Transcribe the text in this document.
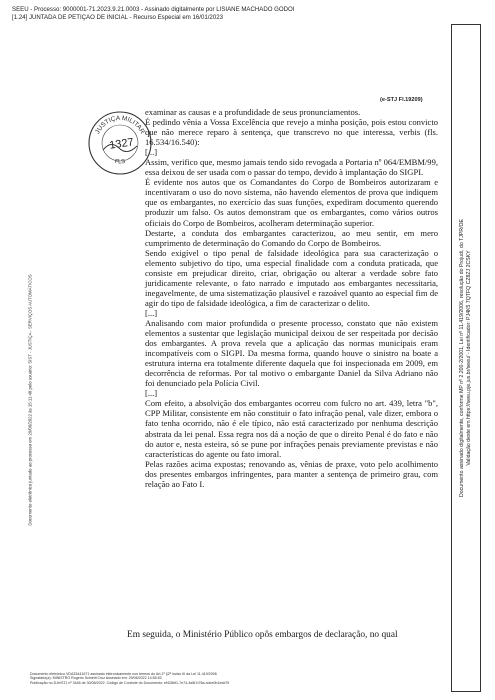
SEEU - Processo: 9000001-71.2023.9.21.0003 - Assinado digitalmente por LISIANE MACHADO GODOI
[1.24] JUNTADA DE PETIÇÃO DE INICIAL - Recurso Especial em 16/01/2023
(e-STJ Fl.19209)
JUSTIÇA MILITAR
FLS
1327
Documento eletrônico juntado ao processo em 29/06/2022 às 15:11:48 pelo usuário: SIST - JUSTIÇA - SERVIÇOS AUTOMÁTICOS	Documento assinado digitalmente, conforme MP nº 2.200-2/2001, Lei nº 11.419/2006, resolução do Projudi, do TJPR/OE Validação deste em https://seeu.pje.jus.br/seeu/ - Identificador: PJ4K5 7QTFQ CZ8ZJ 2CSKY

examinar as causas e a profundidade de seus pronunciamentos.

É pedindo vênia a Vossa Excelência que revejo a minha posição, pois estou convicto que não merece reparo à sentença, que transcrevo no que interessa, verbis (fls. 16.534/16.540):

[...]

Assim, verifico que, mesmo jamais tendo sido revogada a Portaria nº 064/EMBM/99, essa deixou de ser usada com o passar do tempo, devido à implantação do SIGPI.

É evidente nos autos que os Comandantes do Corpo de Bombeiros autorizaram e incentivaram o uso do novo sistema, não havendo elementos de prova que indiquem que os embargantes, no exercício das suas funções, expediram documento querendo produzir um falso. Os autos demonstram que os embargantes, como vários outros oficiais do Corpo de Bombeiros, acolheram determinação superior.

Destarte, a conduta dos embargantes caracterizou, ao meu sentir, em mero cumprimento de determinação do Comando do Corpo de Bombeiros.

Sendo exigível o tipo penal de falsidade ideológica para sua caracterização o elemento subjetivo do tipo, uma especial finalidade com a conduta praticada, que consiste em prejudicar direito, criar, obrigação ou alterar a verdade sobre fato juridicamente relevante, o fato narrado e imputado aos embargantes necessitaria, inegavelmente, de uma sistematização plausível e razoável quanto ao especial fim de agir do tipo de falsidade ideológica, a fim de caracterizar o delito.

[...]

Analisando com maior profundida o presente processo, constato que não existem elementos a sustentar que legislação municipal deixou de ser respeitada por decisão dos embargantes. A prova revela que a aplicação das normas municipais eram incompatíveis com o SIGPI. Da mesma forma, quando houve o sinistro na boate a estrutura interna era totalmente diferente daquela que foi inspecionada em 2009, em decorrência de reformas. Por tal motivo o embargante Daniel da Silva Adriano não foi denunciado pela Polícia Civil.

[...]

Com efeito, a absolvição dos embargantes ocorreu com fulcro no art. 439, letra "b", CPP Militar, consistente em não constituir o fato infração penal, vale dizer, embora o fato tenha ocorrido, não é ele típico, não está caracterizado por nenhuma descrição abstrata da lei penal. Essa regra nos dá a noção de que o direito Penal é do fato e não do autor e, nesta esteira, só se pune por infrações penais previamente previstas e não características do agente ou fato imoral.

Pelas razões acima expostas; renovando as, vênias de praxe, voto pelo acolhimento dos presentes embargos infringentes, para manter a sentença de primeiro grau, com relação ao Fato I.

Em seguida, o Ministério Público opôs embargos de declaração, no qual
Documento eletrônico VDA33441671 assinado eletronicamente nos termos do Art.1º §2º inciso III da Lei 11.419/2006
Signatário(a): MINISTRO Rogerio Schietti Cruz Assinado em: 29/06/2022 14:55:53
Publicação no DJe/STJ nº 3446 de 30/06/2022. Código de Controle do Documento: ef428bf1-7e74-4a5f-b76a-cdce0b1edd75
